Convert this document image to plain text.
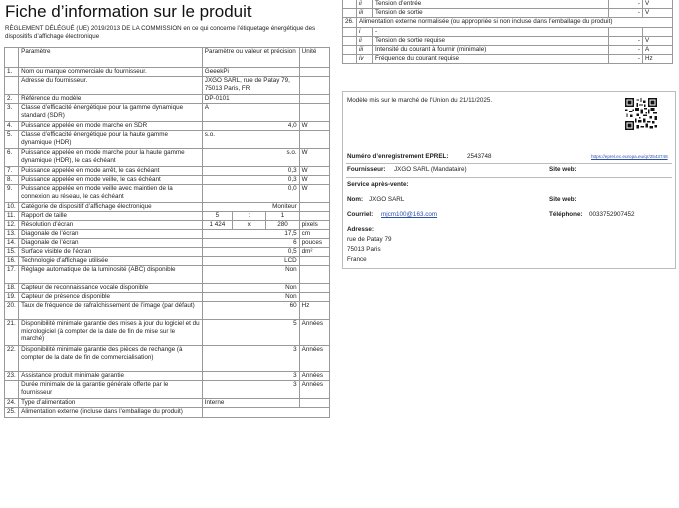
Fiche d’information sur le produit
RÈGLEMENT DÉLÉGUÉ (UE) 2019/2013 DE LA COMMISSION en ce qui concerne l’étiquetage énergétique des dispositifs d’affichage électronique
	Paramètre	Paramètre ou valeur et précision			Unité
1.	Nom ou marque commerciale du fournisseur.	GeeekPi			
	Adresse du fournisseur.	JXGO SARL, rue de Patay 79, 75013 Paris, FR			
2.	Référence du modèle	DP-0101			
3.	Classe d’efficacité énergétique pour la gamme dynamique standard (SDR)	A			
4.	Puissance appelée en mode marche en SDR	4,0			W
5.	Classe d’efficacité énergétique pour la haute gamme dynamique (HDR)	s.o.			
6.	Puissance appelée en mode marche pour la haute gamme dynamique (HDR), le cas échéant	s.o.			W
7.	Puissance appelée en mode arrêt, le cas échéant	0,3			W
8.	Puissance appelée en mode veille, le cas échéant	0,3			W
9.	Puissance appelée en mode veille avec maintien de la connexion au réseau, le cas échéant	0,0			W
10.	Catégorie de dispositif d’affichage électronique	Moniteur			
11.	Rapport de taille	5	:	1	
12.	Résolution d’écran	1 424	x	280	pixels
13.	Diagonale de l’écran	17,5			cm
14.	Diagonale de l’écran	6			pouces
15.	Surface visible de l’écran	0,5			dm²
16.	Technologie d’affichage utilisée	LCD			
17.	Réglage automatique de la luminosité (ABC) disponible	Non			
18.	Capteur de reconnaissance vocale disponible	Non			
19.	Capteur de présence disponible	Non			
20.	Taux de fréquence de rafraîchissement de l’image (par défaut)	60			Hz
21.	Disponibilité minimale garantie des mises à jour du logiciel et du micrologiciel (à compter de la date de fin de mise sur le marché)	5			Années
22.	Disponibilité minimale garantie des pièces de rechange (à compter de la date de fin de commercialisation)	3			Années
23.	Assistance produit minimale garantie	3			Années
	Durée minimale de la garantie générale offerte par le fournisseur	3			Années
24.	Type d’alimentation	Interne			
25.	Alimentation externe (incluse dans l’emballage du produit)				
	ii	Tension d’entrée	-	V
	iii	Tension de sortie	-	V
26.	Alimentation externe normalisée (ou appropriée si non incluse dans l’emballage du produit)			
	i	-		
	ii	Tension de sortie requise	-	V
	iii	Intensité du courant à fournir (minimale)	-	A
	iv	Fréquence du courant requise	-	Hz
Modèle mis sur le marché de l’Union du 21/11/2025.
Numéro d’enregistrement EPREL:	2543748	https://eprel.ec.europa.eu/qr/2543748
Fournisseur: JXGO SARL (Mandataire)	Site web:
Service après-vente:
Nom: JXGO SARL	Site web:
Courriel: mjcm100@163.com	Téléphone: 0033752907452
Adresse:
rue de Patay 79
75013 Paris
France
